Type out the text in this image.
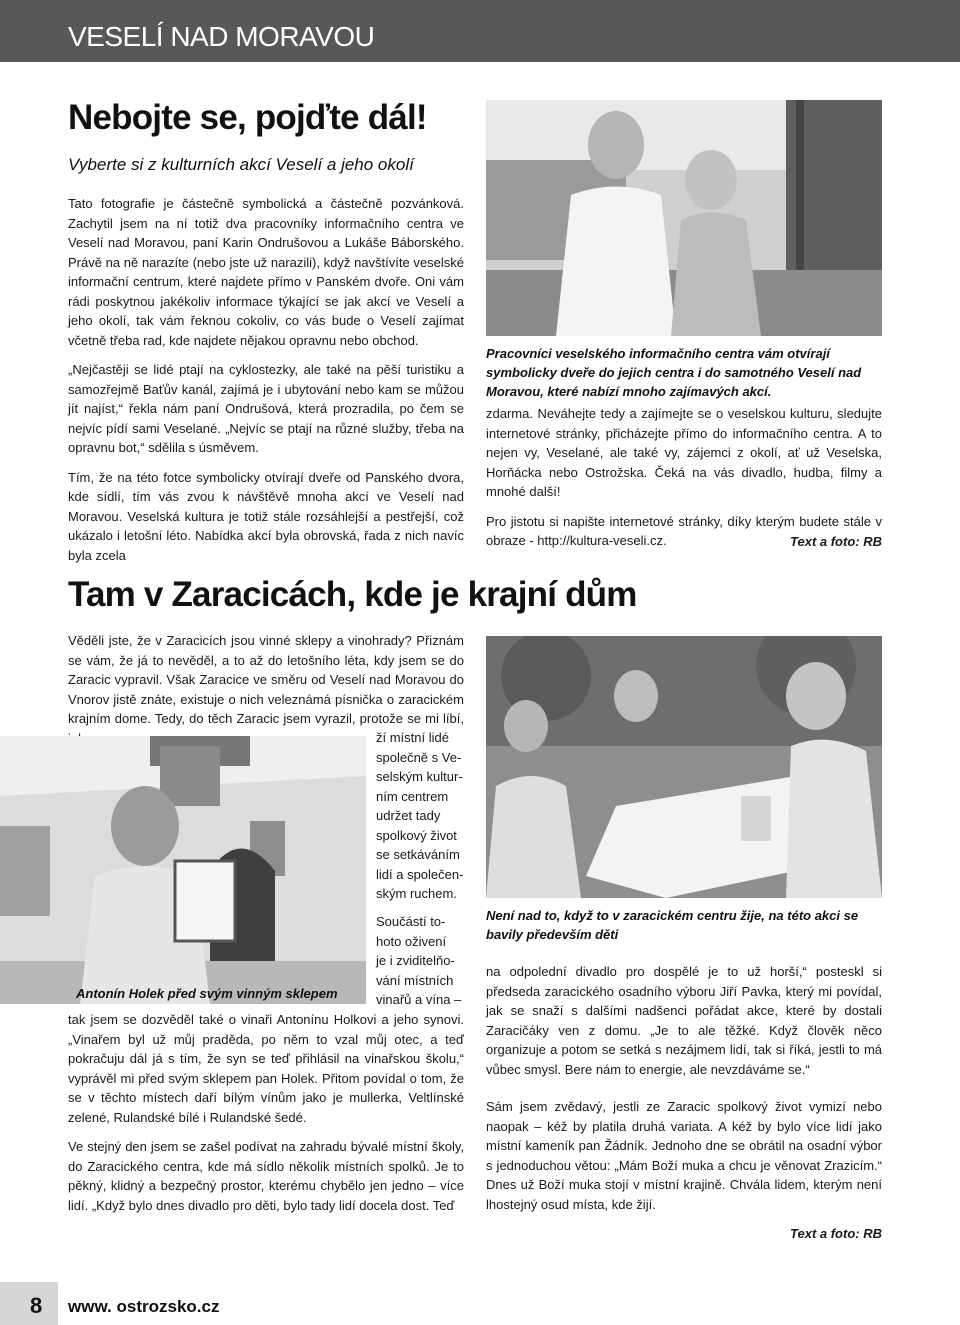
VESELÍ NAD MORAVOU
Nebojte se, pojďte dál!
Vyberte si z kulturních akcí Veselí a jeho okolí

Tato fotografie je částečně symbolická a částečně pozvánková. Zachytil jsem na ní totiž dva pracovníky informačního centra ve Veselí nad Moravou, paní Karin Ondrušovou a Lukáše Báborského. Právě na ně narazíte (nebo jste už narazili), když navštívíte veselské informační centrum, které najdete přímo v Panském dvoře. Oni vám rádi poskytnou jakékoliv informace týkající se jak akcí ve Veselí a jeho okolí, tak vám řeknou cokoliv, co vás bude o Veselí zajímat včetně třeba rad, kde najdete nějakou opravnu nebo obchod.

„Nejčastěji se lidé ptají na cyklostezky, ale také na pěší turistiku a samozřejmě Baťův kanál, zajímá je i ubytování nebo kam se můžou jít najíst,“ řekla nám paní Ondrušová, která prozradila, po čem se nejvíc pídí sami Veselané. „Nejvíc se ptají na různé služby, třeba na opravnu bot,“ sdělila s úsměvem.

Tím, že na této fotce symbolicky otvírají dveře od Panského dvora, kde sídlí, tím vás zvou k návštěvě mnoha akcí ve Veselí nad Moravou. Veselská kultura je totiž stále rozsáhlejší a pestřejší, což ukázalo i letošní léto. Nabídka akcí byla obrovská, řada z nich navíc byla zcela

Pracovníci veselského informačního centra vám otvírají symbolicky dveře do jejich centra i do samotného Veselí nad Moravou, které nabízí mnoho zajímavých akcí.

zdarma. Neváhejte tedy a zajímejte se o veselskou kulturu, sledujte internetové stránky, přicházejte přímo do informačního centra. A to nejen vy, Veselané, ale také vy, zájemci z okolí, ať už Veselska, Horňácka nebo Ostrožska. Čeká na vás divadlo, hudba, filmy a mnohé další!

Pro jistotu si napište internetové stránky, díky kterým budete stále v obraze - http://kultura-veseli.cz.	Text a foto: RB
Tam v Zaracicách, kde je krajní dům

Věděli jste, že v Zaracicích jsou vinné sklepy a vinohrady? Přiznám se vám, že já to nevěděl, a to až do letošního léta, kdy jsem se do Zaracic vypravil. Však Zaracice ve směru od Veselí nad Moravou do Vnorov jistě znáte, existuje o nich veleznámá písnička o zaracickém krajním dome. Tedy, do těch Zaracic jsem vyrazil, protože se mi líbí,

ží místní lidé
společně s Ve-
selským kultur-
ním centrem
udržet tady
spolkový život
se setkáváním
lidí a společen-
ským ruchem.
Součástí to-
hoto oživení
je i zviditelňo-
vání místních
vinařů a vína –
Antonín Holek před svým vinným sklepem

tak jsem se dozvěděl také o vinaři Antonínu Holkovi a jeho synovi. „Vinařem byl už můj praděda, po něm to vzal můj otec, a teď pokračuju dál já s tím, že syn se teď přihlásil na vinařskou školu,“ vyprávěl mi před svým sklepem pan Holek. Přitom povídal o tom, že se v těchto místech daří bílým vínům jako je mullerka, Veltlínské zelené, Rulandské bílé i Rulandské šedé.

Ve stejný den jsem se zašel podívat na zahradu bývalé místní školy, do Zaracického centra, kde má sídlo několik místních spolků. Je to pěkný, klidný a bezpečný prostor, kterému chybělo jen jedno – více lidí. „Když bylo dnes divadlo pro děti, bylo tady lidí docela dost. Teď

Není nad to, když to v zaracickém centru žije, na této akci se bavily především děti

na odpolední divadlo pro dospělé je to už horší,“ posteskl si předseda zaracického osadního výboru Jiří Pavka, který mi povídal, jak se snaží s dalšími nadšenci pořádat akce, které by dostali Zaracičáky ven z domu. „Je to ale těžké. Když člověk něco organizuje a potom se setká s nezájmem lidí, tak si říká, jestli to má vůbec smysl. Bere nám to energie, ale nevzdáváme se.“

Sám jsem zvědavý, jestli ze Zaracic spolkový život vymizí nebo naopak – kéž by platila druhá variata. A kéž by bylo více lidí jako místní kameník pan Žádník. Jednoho dne se obrátil na osadní výbor s jednoduchou větou: „Mám Boží muka a chcu je věnovat Zrazicím.“ Dnes už Boží muka stojí v místní krajině. Chvála lidem, kterým není lhostejný osud místa, kde žijí.

Text a foto: RB
8 www. ostrozsko.cz
